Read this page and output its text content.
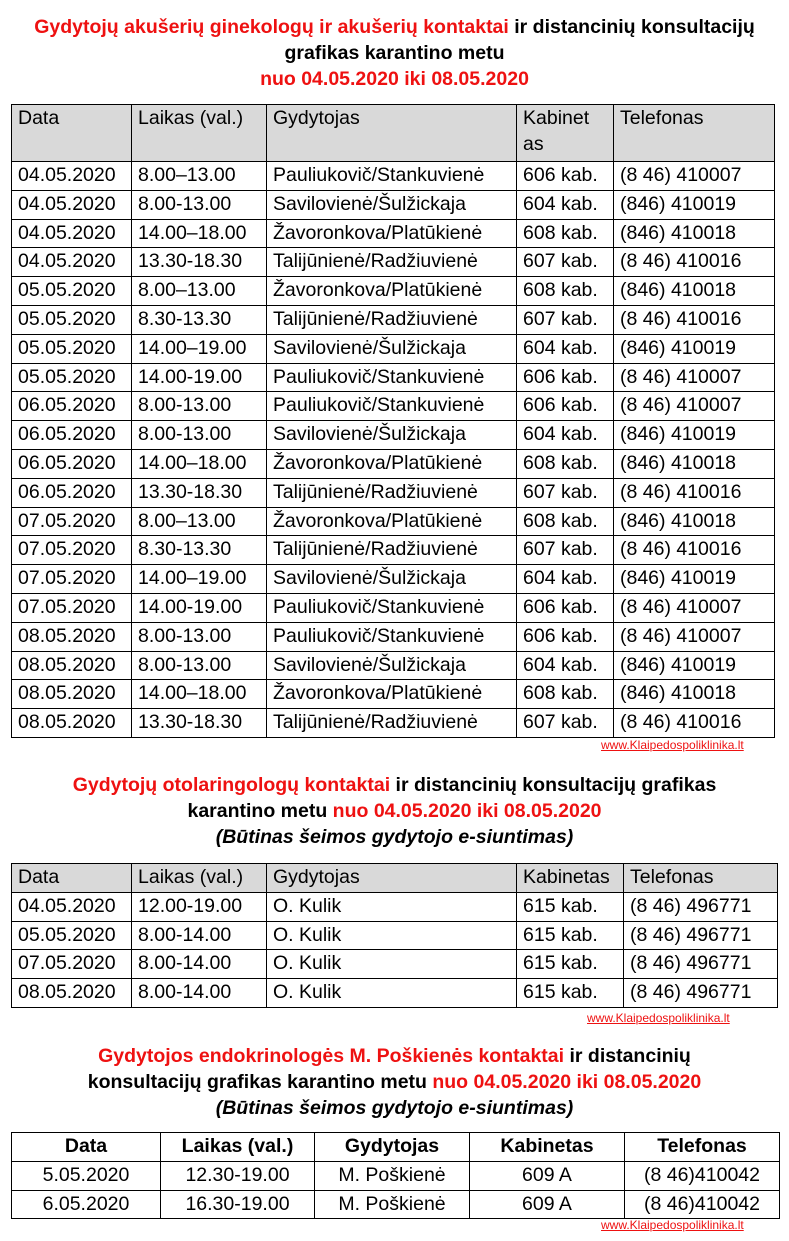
Gydytojų akušerių ginekologų ir akušerių kontaktai ir distancinių konsultacijų grafikas karantino metu
nuo 04.05.2020 iki 08.05.2020
Data	Laikas (val.)	Gydytojas	Kabinet as	Telefonas
04.05.2020	8.00–13.00	Pauliukovič/Stankuvienė	606 kab.	(8 46) 410007
04.05.2020	8.00-13.00	Savilovienė/Šulžickaja	604 kab.	(846) 410019
04.05.2020	14.00–18.00	Žavoronkova/Platūkienė	608 kab.	(846) 410018
04.05.2020	13.30-18.30	Talijūnienė/Radžiuvienė	607 kab.	(8 46) 410016
05.05.2020	8.00–13.00	Žavoronkova/Platūkienė	608 kab.	(846) 410018
05.05.2020	8.30-13.30	Talijūnienė/Radžiuvienė	607 kab.	(8 46) 410016
05.05.2020	14.00–19.00	Savilovienė/Šulžickaja	604 kab.	(846) 410019
05.05.2020	14.00-19.00	Pauliukovič/Stankuvienė	606 kab.	(8 46) 410007
06.05.2020	8.00-13.00	Pauliukovič/Stankuvienė	606 kab.	(8 46) 410007
06.05.2020	8.00-13.00	Savilovienė/Šulžickaja	604 kab.	(846) 410019
06.05.2020	14.00–18.00	Žavoronkova/Platūkienė	608 kab.	(846) 410018
06.05.2020	13.30-18.30	Talijūnienė/Radžiuvienė	607 kab.	(8 46) 410016
07.05.2020	8.00–13.00	Žavoronkova/Platūkienė	608 kab.	(846) 410018
07.05.2020	8.30-13.30	Talijūnienė/Radžiuvienė	607 kab.	(8 46) 410016
07.05.2020	14.00–19.00	Savilovienė/Šulžickaja	604 kab.	(846) 410019
07.05.2020	14.00-19.00	Pauliukovič/Stankuvienė	606 kab.	(8 46) 410007
08.05.2020	8.00-13.00	Pauliukovič/Stankuvienė	606 kab.	(8 46) 410007
08.05.2020	8.00-13.00	Savilovienė/Šulžickaja	604 kab.	(846) 410019
08.05.2020	14.00–18.00	Žavoronkova/Platūkienė	608 kab.	(846) 410018
08.05.2020	13.30-18.30	Talijūnienė/Radžiuvienė	607 kab.	(8 46) 410016
www.Klaipedospoliklinika.lt
Gydytojų otolaringologų kontaktai ir distancinių konsultacijų grafikas
karantino metu nuo 04.05.2020 iki 08.05.2020
(Būtinas šeimos gydytojo e-siuntimas)
Data	Laikas (val.)	Gydytojas	Kabinetas	Telefonas
04.05.2020	12.00-19.00	O. Kulik	615 kab.	(8 46) 496771
05.05.2020	8.00-14.00	O. Kulik	615 kab.	(8 46) 496771
07.05.2020	8.00-14.00	O. Kulik	615 kab.	(8 46) 496771
08.05.2020	8.00-14.00	O. Kulik	615 kab.	(8 46) 496771
www.Klaipedospoliklinika.lt
Gydytojos endokrinologės M. Poškienės kontaktai ir distancinių
konsultacijų grafikas karantino metu nuo 04.05.2020 iki 08.05.2020
(Būtinas šeimos gydytojo e-siuntimas)
Data	Laikas (val.)	Gydytojas	Kabinetas	Telefonas
5.05.2020	12.30-19.00	M. Poškienė	609 A	(8 46)410042
6.05.2020	16.30-19.00	M. Poškienė	609 A	(8 46)410042
www.Klaipedospoliklinika.lt
